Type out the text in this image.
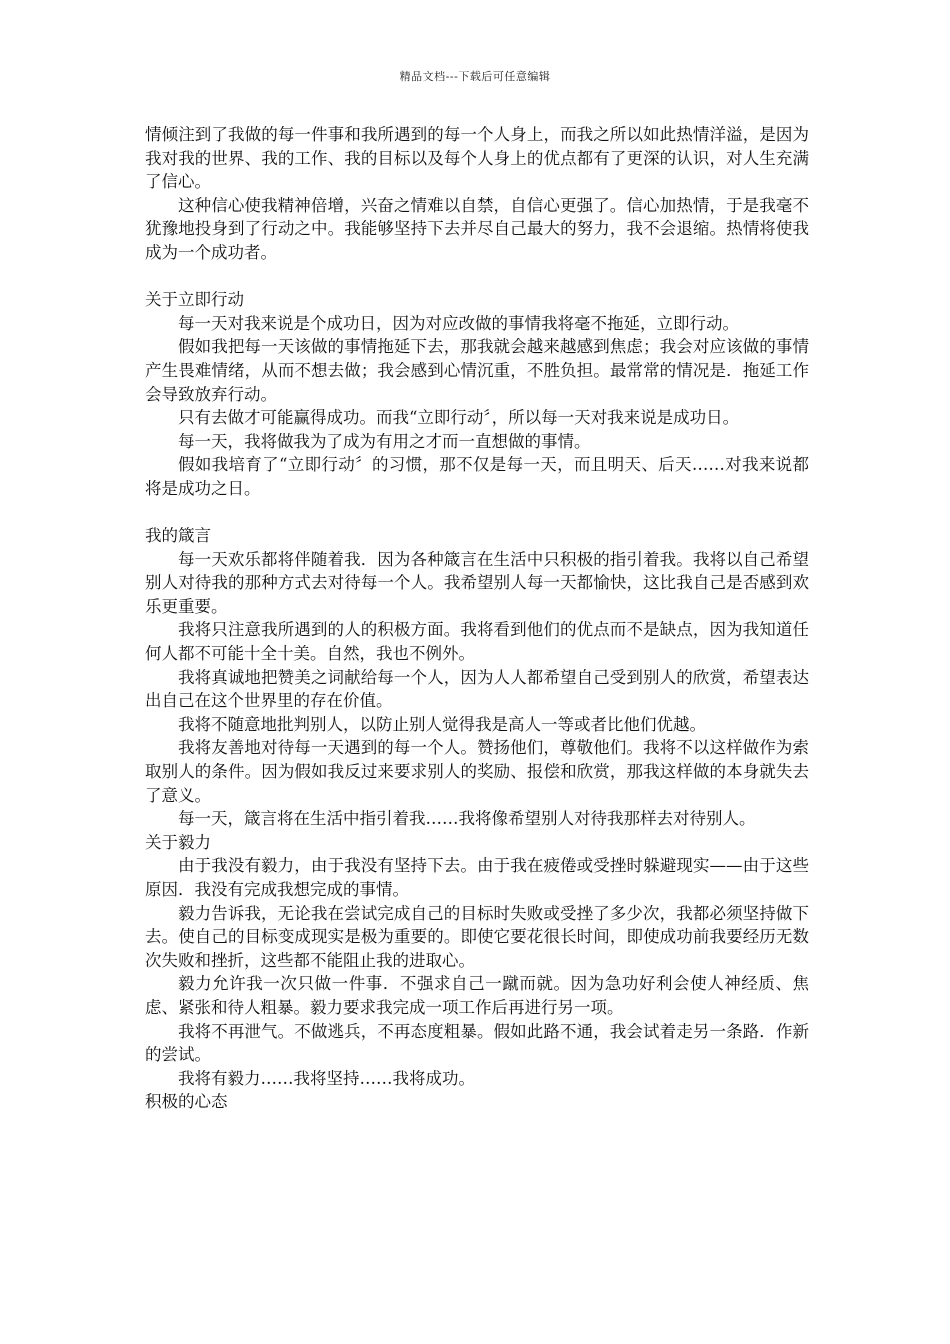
精品文档---下载后可任意编辑

情倾注到了我做的每一件事和我所遇到的每一个人身上，而我之所以如此热情洋溢，是因为我对我的世界、我的工作、我的目标以及每个人身上的优点都有了更深的认识，对人生充满了信心。

这种信心使我精神倍增，兴奋之情难以自禁，自信心更强了。信心加热情，于是我毫不犹豫地投身到了行动之中。我能够坚持下去并尽自己最大的努力，我不会退缩。热情将使我成为一个成功者。

关于立即行动

每一天对我来说是个成功日，因为对应改做的事情我将毫不拖延，立即行动。

假如我把每一天该做的事情拖延下去，那我就会越来越感到焦虑；我会对应该做的事情产生畏难情绪，从而不想去做；我会感到心情沉重，不胜负担。最常常的情况是．拖延工作会导致放弃行动。

只有去做才可能赢得成功。而我“立即行动〞，所以每一天对我来说是成功日。

每一天，我将做我为了成为有用之才而一直想做的事情。

假如我培育了“立即行动〞的习惯，那不仅是每一天，而且明天、后天……对我来说都将是成功之日。

我的箴言

每一天欢乐都将伴随着我．因为各种箴言在生活中只积极的指引着我。我将以自己希望别人对待我的那种方式去对待每一个人。我希望别人每一天都愉快，这比我自己是否感到欢乐更重要。

我将只注意我所遇到的人的积极方面。我将看到他们的优点而不是缺点，因为我知道任何人都不可能十全十美。自然，我也不例外。

我将真诚地把赞美之词献给每一个人，因为人人都希望自己受到别人的欣赏，希望表达出自己在这个世界里的存在价值。

我将不随意地批判别人，以防止别人觉得我是高人一等或者比他们优越。

我将友善地对待每一天遇到的每一个人。赞扬他们，尊敬他们。我将不以这样做作为索取别人的条件。因为假如我反过来要求别人的奖励、报偿和欣赏，那我这样做的本身就失去了意义。

每一天，箴言将在生活中指引着我……我将像希望别人对待我那样去对待别人。

关于毅力

由于我没有毅力，由于我没有坚持下去。由于我在疲倦或受挫时躲避现实——由于这些原因．我没有完成我想完成的事情。

毅力告诉我，无论我在尝试完成自己的目标时失败或受挫了多少次，我都必须坚持做下去。使自己的目标变成现实是极为重要的。即使它要花很长时间，即使成功前我要经历无数次失败和挫折，这些都不能阻止我的进取心。

毅力允许我一次只做一件事．不强求自己一蹴而就。因为急功好利会使人神经质、焦虑、紧张和待人粗暴。毅力要求我完成一项工作后再进行另一项。

我将不再泄气。不做逃兵，不再态度粗暴。假如此路不通，我会试着走另一条路．作新的尝试。

我将有毅力……我将坚持……我将成功。

积极的心态
